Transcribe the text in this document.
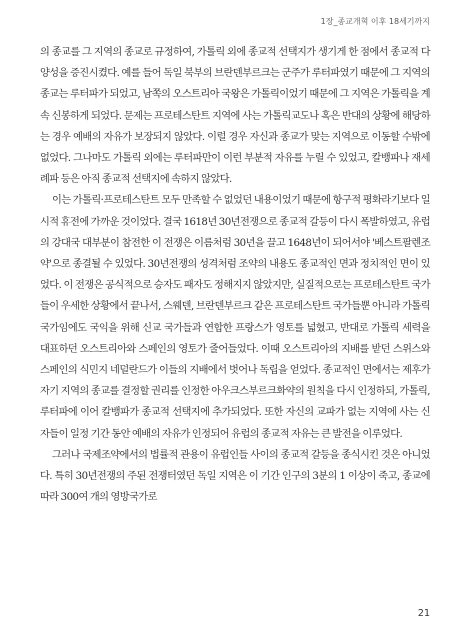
1장_종교개혁 이후 18세기까지

의 종교를 그 지역의 종교로 규정하여, 가톨릭 외에 종교적 선택지가 생기게 한 점에서 종교적 다양성을 증진시켰다. 예를 들어 독일 북부의 브란덴부르크는 군주가 루터파였기 때문에 그 지역의 종교는 루터파가 되었고, 남쪽의 오스트리아 국왕은 가톨릭이었기 때문에 그 지역은 가톨릭을 계속 신봉하게 되었다. 문제는 프로테스탄트 지역에 사는 가톨릭교도나 혹은 반대의 상황에 해당하는 경우 예배의 자유가 보장되지 않았다. 이럴 경우 자신과 종교가 맞는 지역으로 이동할 수밖에 없었다. 그나마도 가톨릭 외에는 루터파만이 이런 부분적 자유를 누릴 수 있었고, 칼뱅파나 재세례파 등은 아직 종교적 선택지에 속하지 않았다.

이는 가톨릭·프로테스탄트 모두 만족할 수 없었던 내용이었기 때문에 항구적 평화라기보다 일시적 휴전에 가까운 것이었다. 결국 1618년 30년전쟁으로 종교적 갈등이 다시 폭발하였고, 유럽의 강대국 대부분이 참전한 이 전쟁은 이름처럼 30년을 끌고 1648년이 되어서야 '베스트팔렌조약'으로 종결될 수 있었다. 30년전쟁의 성격처럼 조약의 내용도 종교적인 면과 정치적인 면이 있었다. 이 전쟁은 공식적으로 승자도 패자도 정해지지 않았지만, 실질적으로는 프로테스탄트 국가들이 우세한 상황에서 끝나서, 스웨덴, 브란덴부르크 같은 프로테스탄트 국가들뿐 아니라 가톨릭 국가임에도 국익을 위해 신교 국가들과 연합한 프랑스가 영토를 넓혔고, 반대로 가톨릭 세력을 대표하던 오스트리아와 스페인의 영토가 줄어들었다. 이때 오스트리아의 지배를 받던 스위스와 스페인의 식민지 네덜란드가 이들의 지배에서 벗어나 독립을 얻었다. 종교적인 면에서는 제후가 자기 지역의 종교를 결정할 권리를 인정한 아우크스부르크화약의 원칙을 다시 인정하되, 가톨릭, 루터파에 이어 칼뱅파가 종교적 선택지에 추가되었다. 또한 자신의 교파가 없는 지역에 사는 신자들이 일정 기간 동안 예배의 자유가 인정되어 유럽의 종교적 자유는 큰 발전을 이루었다.

그러나 국제조약에서의 법률적 관용이 유럽인들 사이의 종교적 갈등을 종식시킨 것은 아니었다. 특히 30년전쟁의 주된 전쟁터였던 독일 지역은 이 기간 인구의 3분의 1 이상이 죽고, 종교에 따라 300여 개의 영방국가로

21
